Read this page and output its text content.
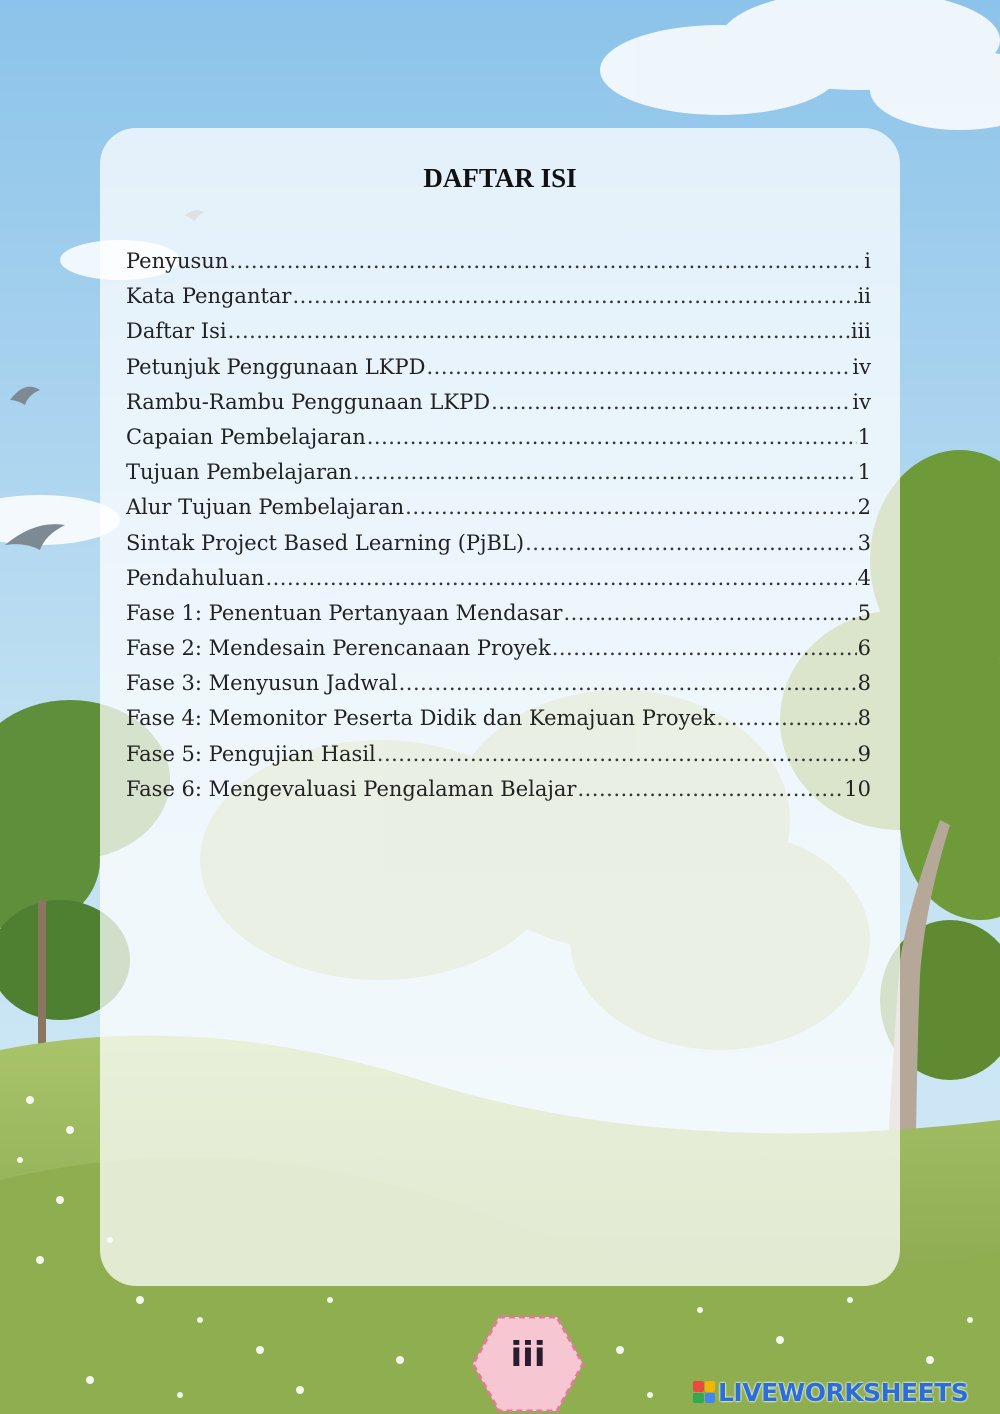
DAFTAR ISI
Penyusun .....	i
Kata Pengantar .....	ii
Daftar Isi .....	iii
Petunjuk Penggunaan LKPD .....	iv
Rambu-Rambu Penggunaan LKPD .....	iv
Capaian Pembelajaran .....	1
Tujuan Pembelajaran .....	1
Alur Tujuan Pembelajaran .....	2
Sintak Project Based Learning (PjBL) .....	3
Pendahuluan .....	4
Fase 1: Penentuan Pertanyaan Mendasar .....	5
Fase 2: Mendesain Perencanaan Proyek .....	6
Fase 3: Menyusun Jadwal .....	8
Fase 4: Memonitor Peserta Didik dan Kemajuan Proyek .....	8
Fase 5: Pengujian Hasil .....	9
Fase 6: Mengevaluasi Pengalaman Belajar .....	10
iii
LIVEWORKSHEETS
